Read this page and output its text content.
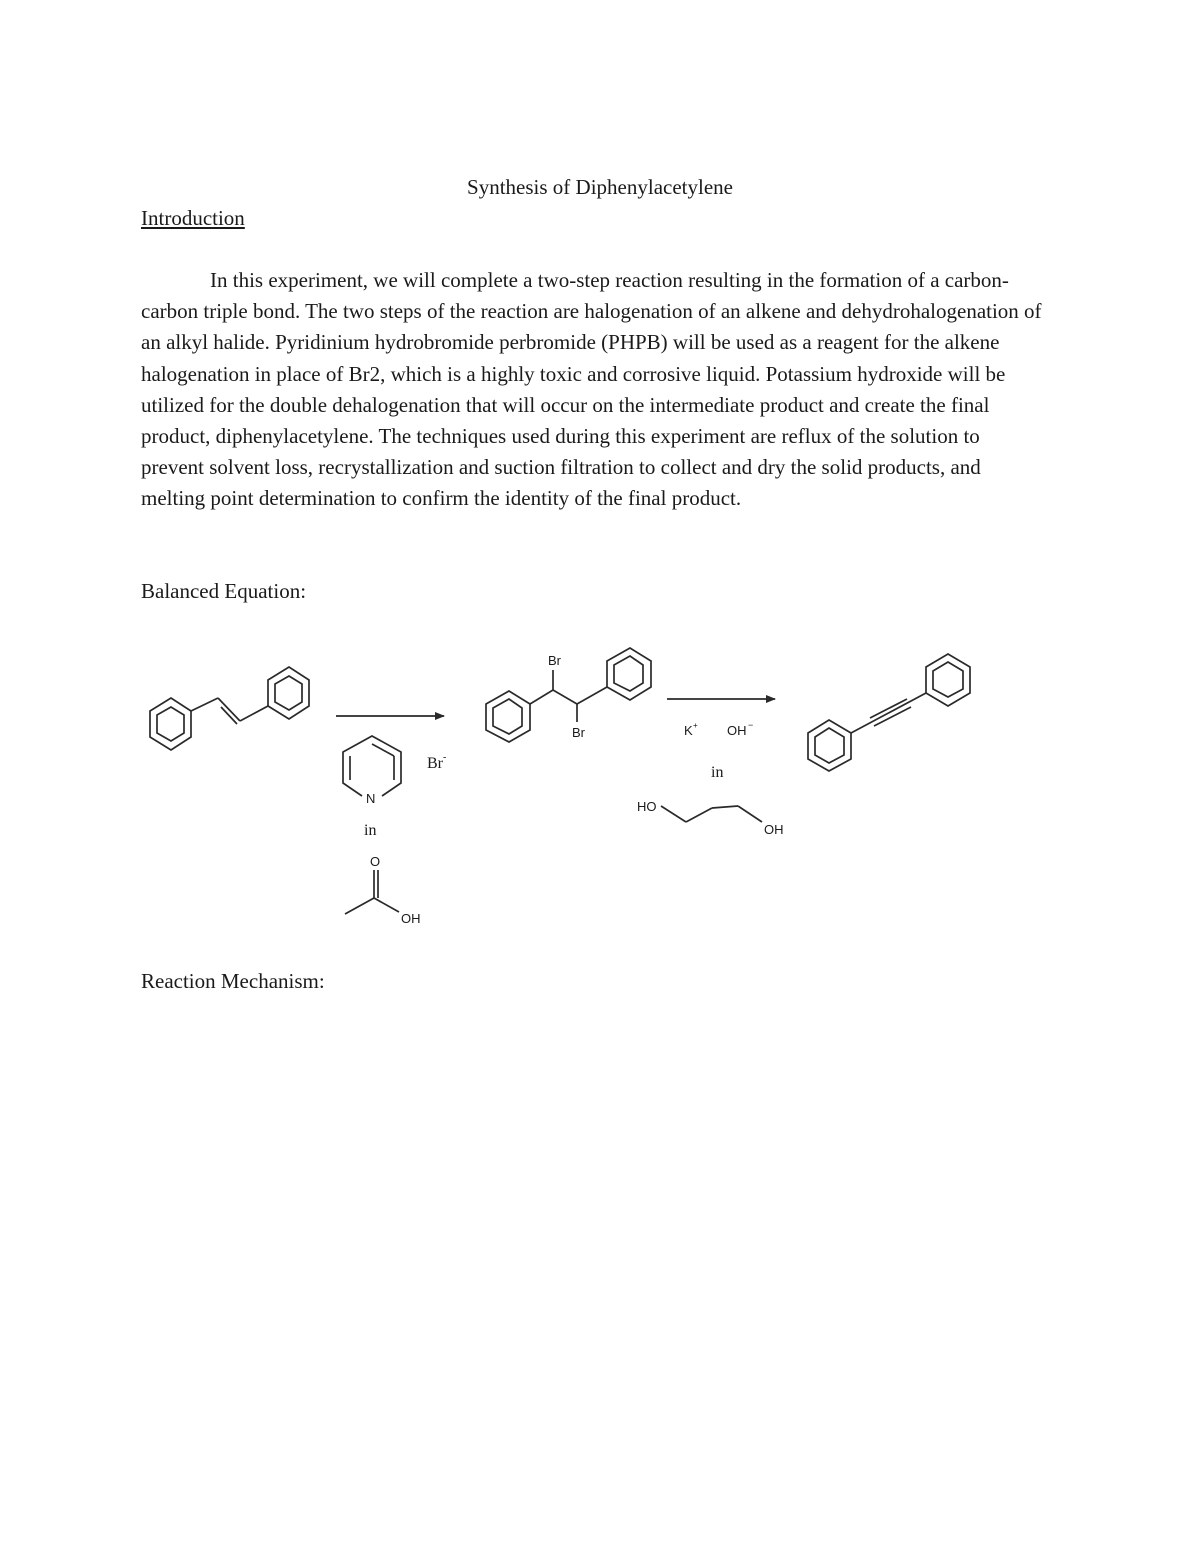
Synthesis of Diphenylacetylene
Introduction

In this experiment, we will complete a two-step reaction resulting in the formation of a carbon-carbon triple bond. The two steps of the reaction are halogenation of an alkene and dehydrohalogenation of an alkyl halide. Pyridinium hydrobromide perbromide (PHPB) will be used as a reagent for the alkene halogenation in place of Br2, which is a highly toxic and corrosive liquid. Potassium hydroxide will be utilized for the double dehalogenation that will occur on the intermediate product and create the final product, diphenylacetylene. The techniques used during this experiment are reflux of the solution to prevent solvent loss, recrystallization and suction filtration to collect and dry the solid products, and melting point determination to confirm the identity of the final product.

Balanced Equation:

N
Br -
in
O
OH
Br
Br	K + OH −
in
HO
OH

Reaction Mechanism:
